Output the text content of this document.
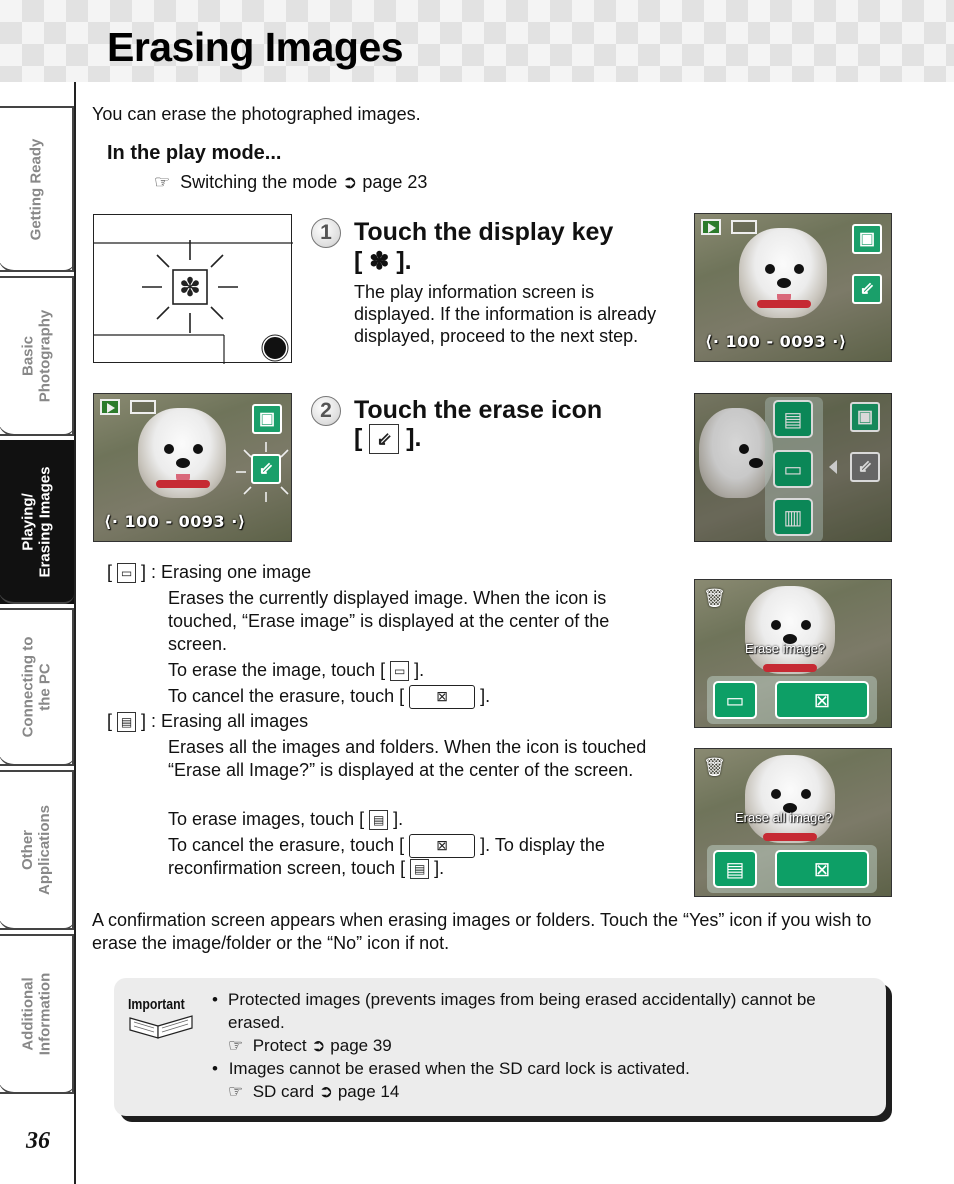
Erasing Images
Getting Ready
Basic
Photography
Playing/
Erasing Images
Connecting to
the PC
Other
Applications
Additional
Information
36
You can erase the photographed images.
In the play mode...
☞ Switching the mode ➲ page 23
✽
1 Touch the display key
[ ✽ ].
The play information screen is displayed. If the information is already displayed, proceed to the next step.
▣
⇙
⟨· 100 - 0093 ·⟩
▣
⇙
⟨· 100 - 0093 ·⟩
2 Touch the erase icon
[ ⇙ ].
▤
▭
▥
▣
⇙
[ ▭ ] : Erasing one image
Erases the currently displayed image. When the icon is touched, “Erase image” is displayed at the center of the screen.
To erase the image, touch [ ▭ ].
To cancel the erasure, touch [ ⊠ ].
[ ▤ ] : Erasing all images
Erases all the images and folders. When the icon is touched “Erase all Image?” is displayed at the center of the screen.
To erase images, touch [ ▤ ].
To cancel the erasure, touch [ ⊠ ]. To display the
reconfirmation screen, touch [ ▤ ].
🗑︎
Erase image?
▭	⊠
🗑︎
Erase all image?
▤	⊠
A confirmation screen appears when erasing images or folders. Touch the “Yes” icon if you wish to erase the image/folder or the “No” icon if not.
Important • Protected images (prevents images from being erased accidentally) cannot be erased.
☞ Protect ➲ page 39
• Images cannot be erased when the SD card lock is activated.
☞ SD card ➲ page 14
